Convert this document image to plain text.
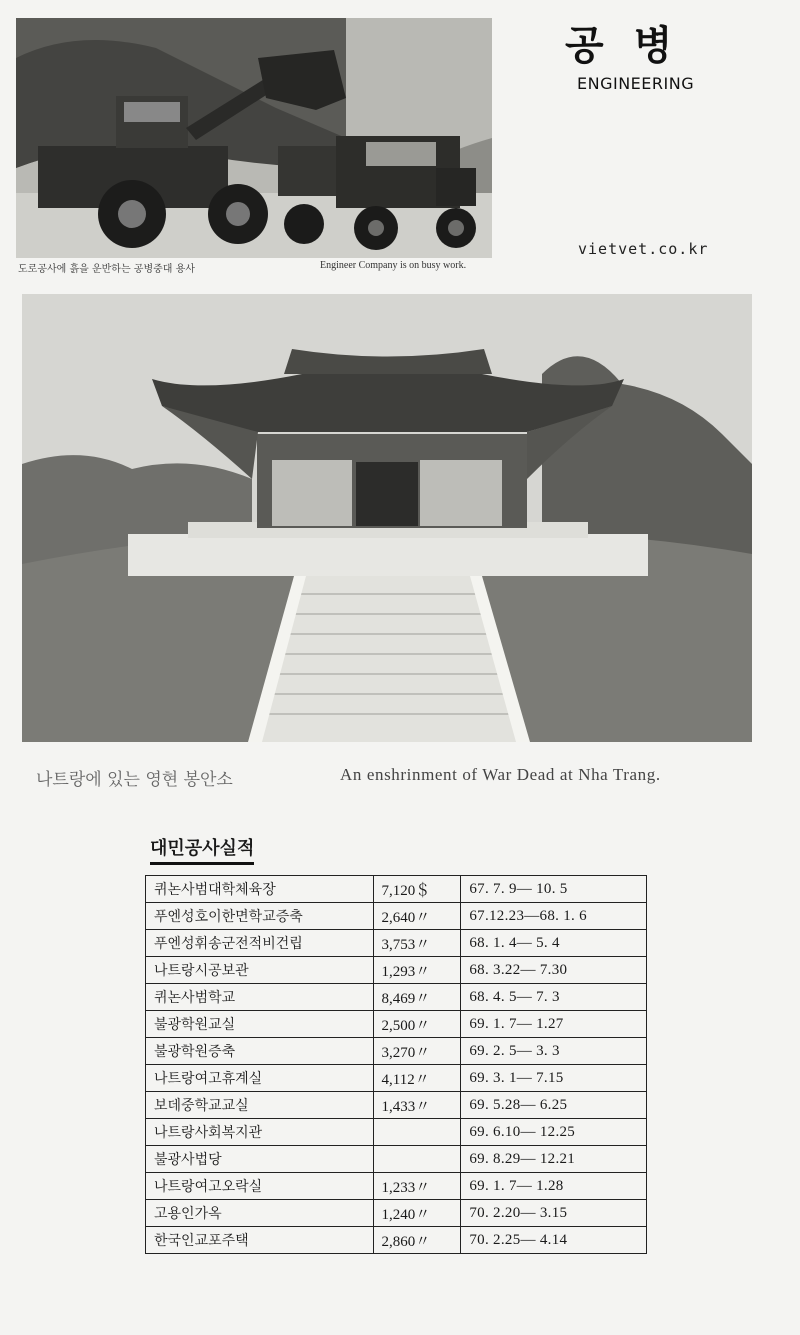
도로공사에 흙을 운반하는 공병중대 용사	Engineer Company is on busy work.
공병
ENGINEERING
vietvet.co.kr
나트랑에 있는 영현 봉안소	An enshrinment of War Dead at Nha Trang.
대민공사실적
퀴논사범대학체육장	7,120＄	67. 7. 9— 10. 5
푸엔성호이한면학교증축	2,640〃	67.12.23—68. 1. 6
푸엔성휘송군전적비건립	3,753〃	68. 1. 4— 5. 4
나트랑시공보관	1,293〃	68. 3.22— 7.30
퀴논사범학교	8,469〃	68. 4. 5— 7. 3
불광학원교실	2,500〃	69. 1. 7— 1.27
불광학원증축	3,270〃	69. 2. 5— 3. 3
나트랑여고휴계실	4,112〃	69. 3. 1— 7.15
보데중학교교실	1,433〃	69. 5.28— 6.25
나트랑사회복지관		69. 6.10— 12.25
불광사법당		69. 8.29— 12.21
나트랑여고오락실	1,233〃	69. 1. 7— 1.28
고용인가옥	1,240〃	70. 2.20— 3.15
한국인교포주택	2,860〃	70. 2.25— 4.14
